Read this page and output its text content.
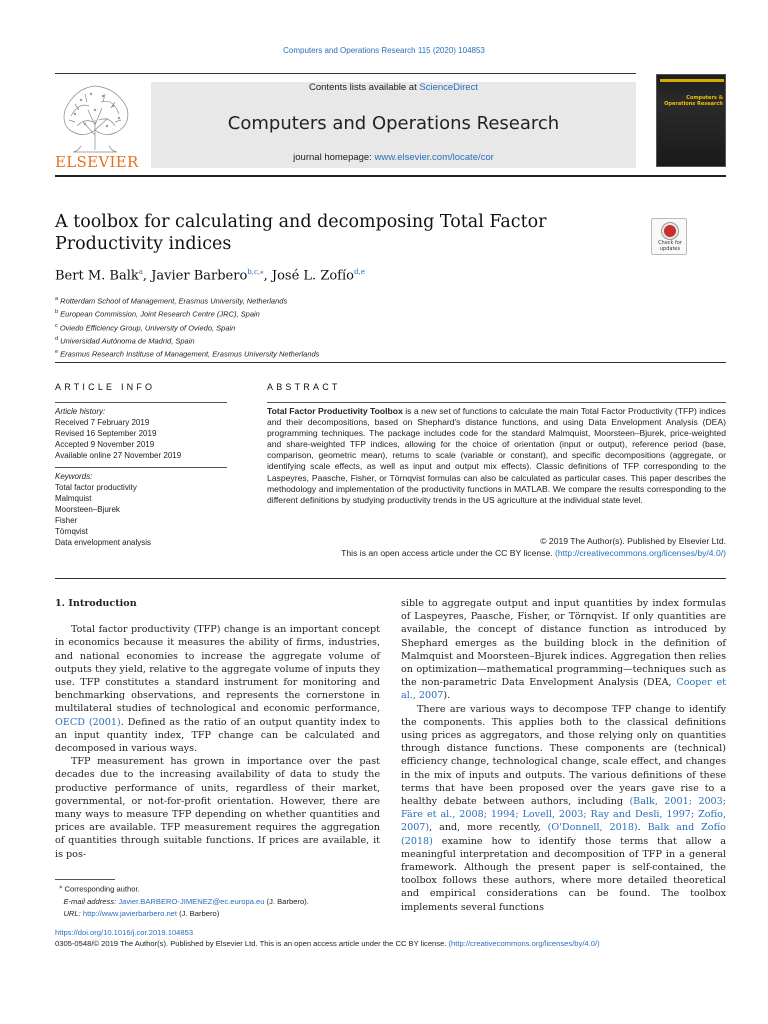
Computers and Operations Research 115 (2020) 104853
ELSEVIER
Contents lists available at ScienceDirect
Computers and Operations Research
journal homepage: www.elsevier.com/locate/cor
Computers & Operations Research
A toolbox for calculating and decomposing Total Factor Productivity indices	Check for updates
Bert M. Balk$^a$, Javier Barbero$^{b,c,⁎}$, José L. Zofío$^{d,e}$
$^a$ Rotterdam School of Management, Erasmus University, Netherlands
$^b$ European Commission, Joint Research Centre (JRC), Spain
$^c$ Oviedo Efficiency Group, University of Oviedo, Spain
$^d$ Universidad Autónoma de Madrid, Spain
$^e$ Erasmus Research Instituse of Management, Erasmus University Netherlands
ARTICLE INFO	ABSTRACT
Article history:
Received 7 February 2019
Revised 16 September 2019
Accepted 9 November 2019
Available online 27 November 2019
Keywords:
Total factor productivity
Malmquist
Moorsteen–Bjurek
Fisher
Törnqvist
Data envelopment analysis
Total Factor Productivity Toolbox is a new set of functions to calculate the main Total Factor Productivity (TFP) indices and their decompositions, based on Shephard's distance functions, and using Data Envelopment Analysis (DEA) programming techniques. The package includes code for the standard Malmquist, Moorsteen–Bjurek, price-weighted and share-weighted TFP indices, allowing for the choice of orientation (input or output), reference period (base, comparison, geometric mean), returns to scale (variable or constant), and specific decompositions (aggregate, or identifying scale effects, as well as input and output mix effects). Classic definitions of TFP corresponding to the Laspeyres, Paasche, Fisher, or Törnqvist formulas can also be calculated as particular cases. This paper describes the methodology and implementation of the productivity functions in MATLAB. We compare the results corresponding to the different definitions by studying productivity trends in the US agriculture at the individual state level.
© 2019 The Author(s). Published by Elsevier Ltd.
This is an open access article under the CC BY license. (http://creativecommons.org/licenses/by/4.0/)
1. Introduction

Total factor productivity (TFP) change is an important concept in economics because it measures the ability of firms, industries, and national economies to increase the aggregate volume of outputs they yield, relative to the aggregate volume of inputs they use. TFP constitutes a standard instrument for monitoring and benchmarking observations, and represents the cornerstone in multilateral studies of technological and economic performance, OECD (2001). Defined as the ratio of an output quantity index to an input quantity index, TFP change can be calculated and decomposed in various ways.

TFP measurement has grown in importance over the past decades due to the increasing availability of data to study the productive performance of units, regardless of their market, governmental, or not-for-profit orientation. However, there are many ways to measure TFP depending on whether quantities and prices are available. TFP measurement requires the aggregation of quantities through suitable functions. If prices are available, it is pos-

sible to aggregate output and input quantities by index formulas of Laspeyres, Paasche, Fisher, or Törnqvist. If only quantities are available, the concept of distance function as introduced by Shephard emerges as the building block in the definition of Malmquist and Moorsteen–Bjurek indices. Aggregation then relies on optimization—mathematical programming—techniques such as the non-parametric Data Envelopment Analysis (DEA, Cooper et al., 2007).

There are various ways to decompose TFP change to identify the components. This applies both to the classical definitions using prices as aggregators, and those relying only on quantities through distance functions. These components are (technical) efficiency change, technological change, scale effect, and changes in the mix of inputs and outputs. The various definitions of these terms that have been proposed over the years gave rise to a healthy debate between authors, including (Balk, 2001; 2003; Färe et al., 2008; 1994; Lovell, 2003; Ray and Desli, 1997; Zofío, 2007), and, more recently, (O'Donnell, 2018). Balk and Zofío (2018) examine how to identify those terms that allow a meaningful interpretation and decomposition of TFP in a general framework. Although the present paper is self-contained, the toolbox follows these authors, where more detailed theoretical and empirical considerations can be found. The toolbox implements several functions

⁎ Corresponding author.
E-mail address: Javier.BARBERO-JIMENEZ@ec.europa.eu (J. Barbero).
URL: http://www.javierbarbero.net (J. Barbero)
https://doi.org/10.1016/j.cor.2019.104853
0305-0548/© 2019 The Author(s). Published by Elsevier Ltd. This is an open access article under the CC BY license. (http://creativecommons.org/licenses/by/4.0/)
